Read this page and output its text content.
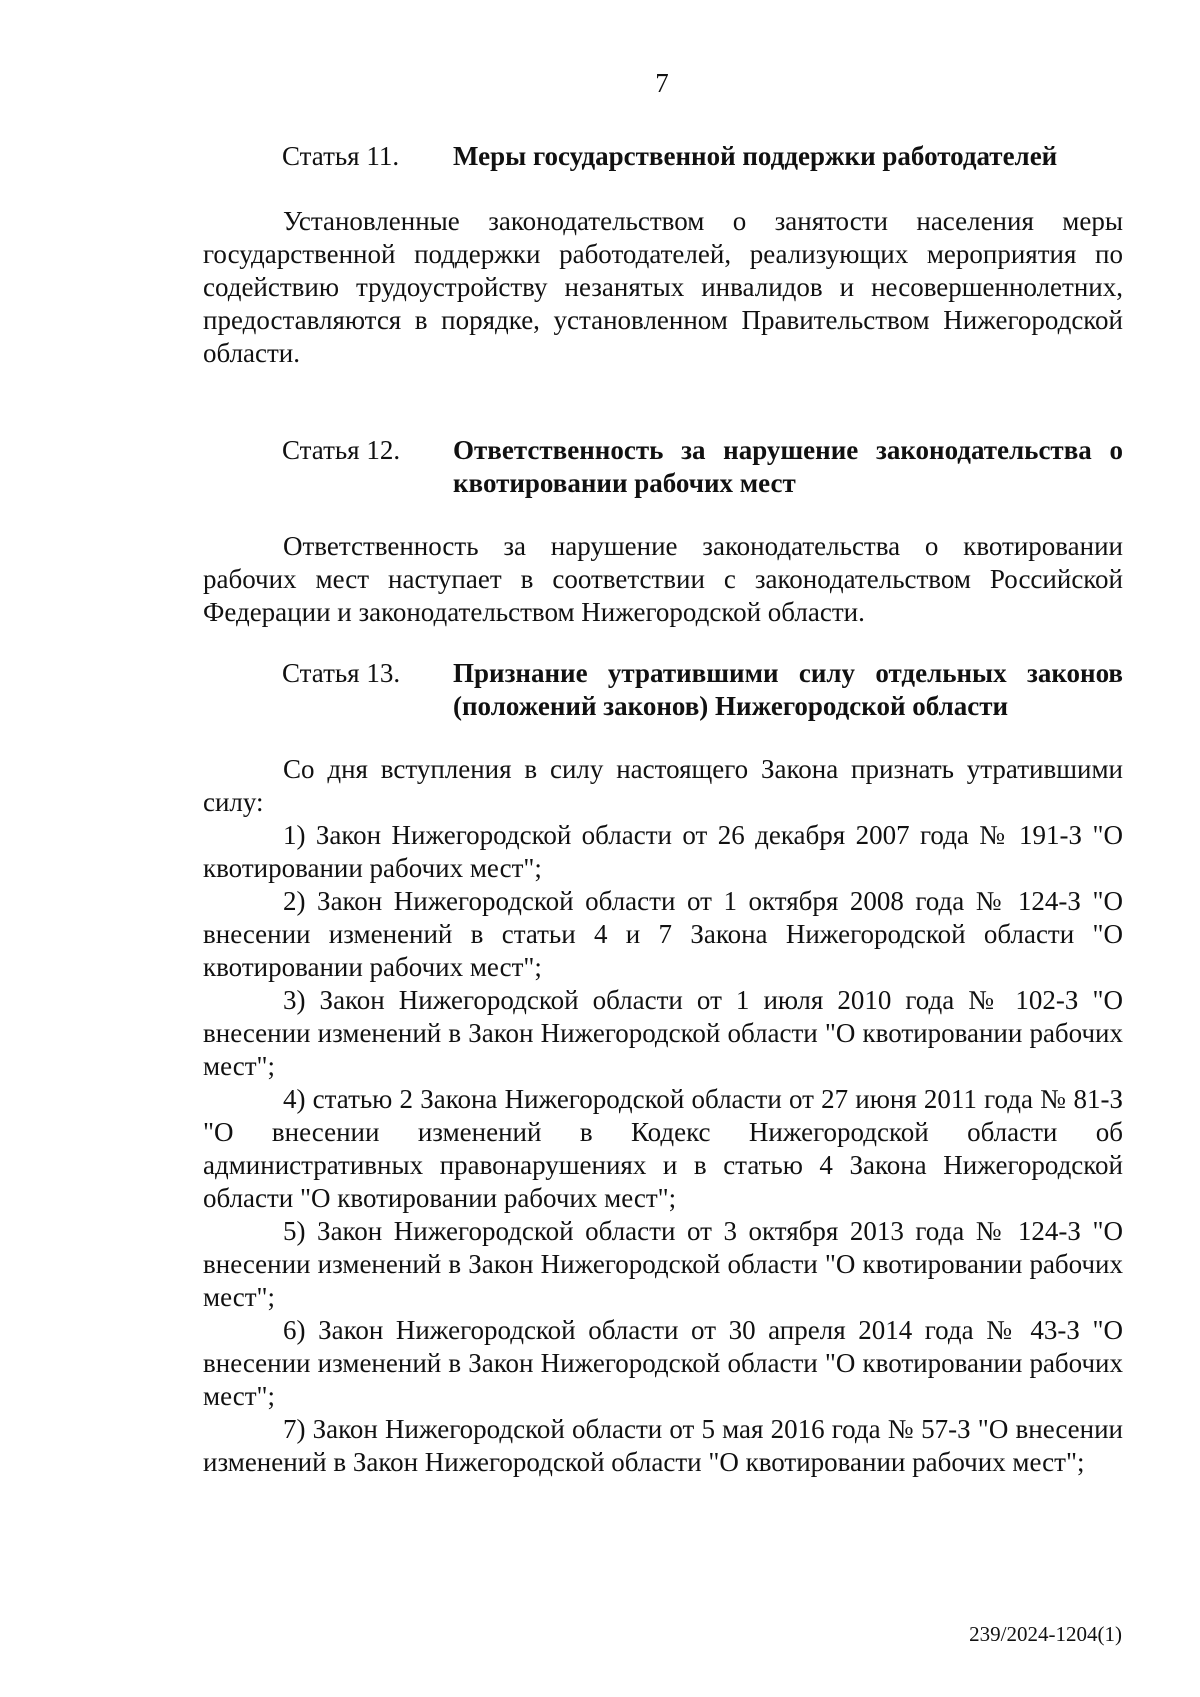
7
Статья 11.	Меры государственной поддержки работодателей

Установленные законодательством о занятости населения меры государственной поддержки работодателей, реализующих мероприятия по содействию трудоустройству незанятых инвалидов и несовершеннолетних, предоставляются в порядке, установленном Правительством Нижегородской области.

Статья 12.	Ответственность за нарушение законодательства о квотировании рабочих мест

Ответственность за нарушение законодательства о квотировании рабочих мест наступает в соответствии с законодательством Российской Федерации и законодательством Нижегородской области.

Статья 13.	Признание утратившими силу отдельных законов (положений законов) Нижегородской области

Со дня вступления в силу настоящего Закона признать утратившими силу:

1) Закон Нижегородской области от 26 декабря 2007 года № 191-З "О квотировании рабочих мест";

2) Закон Нижегородской области от 1 октября 2008 года № 124-З "О внесении изменений в статьи 4 и 7 Закона Нижегородской области "О квотировании рабочих мест";

3) Закон Нижегородской области от 1 июля 2010 года № 102-З "О внесении изменений в Закон Нижегородской области "О квотировании рабочих мест";

4) статью 2 Закона Нижегородской области от 27 июня 2011 года № 81-З "О внесении изменений в Кодекс Нижегородской области об административных правонарушениях и в статью 4 Закона Нижегородской области "О квотировании рабочих мест";

5) Закон Нижегородской области от 3 октября 2013 года № 124-З "О внесении изменений в Закон Нижегородской области "О квотировании рабочих мест";

6) Закон Нижегородской области от 30 апреля 2014 года № 43-З "О внесении изменений в Закон Нижегородской области "О квотировании рабочих мест";

7) Закон Нижегородской области от 5 мая 2016 года № 57-З "О внесении изменений в Закон Нижегородской области "О квотировании рабочих мест";

239/2024-1204(1)
